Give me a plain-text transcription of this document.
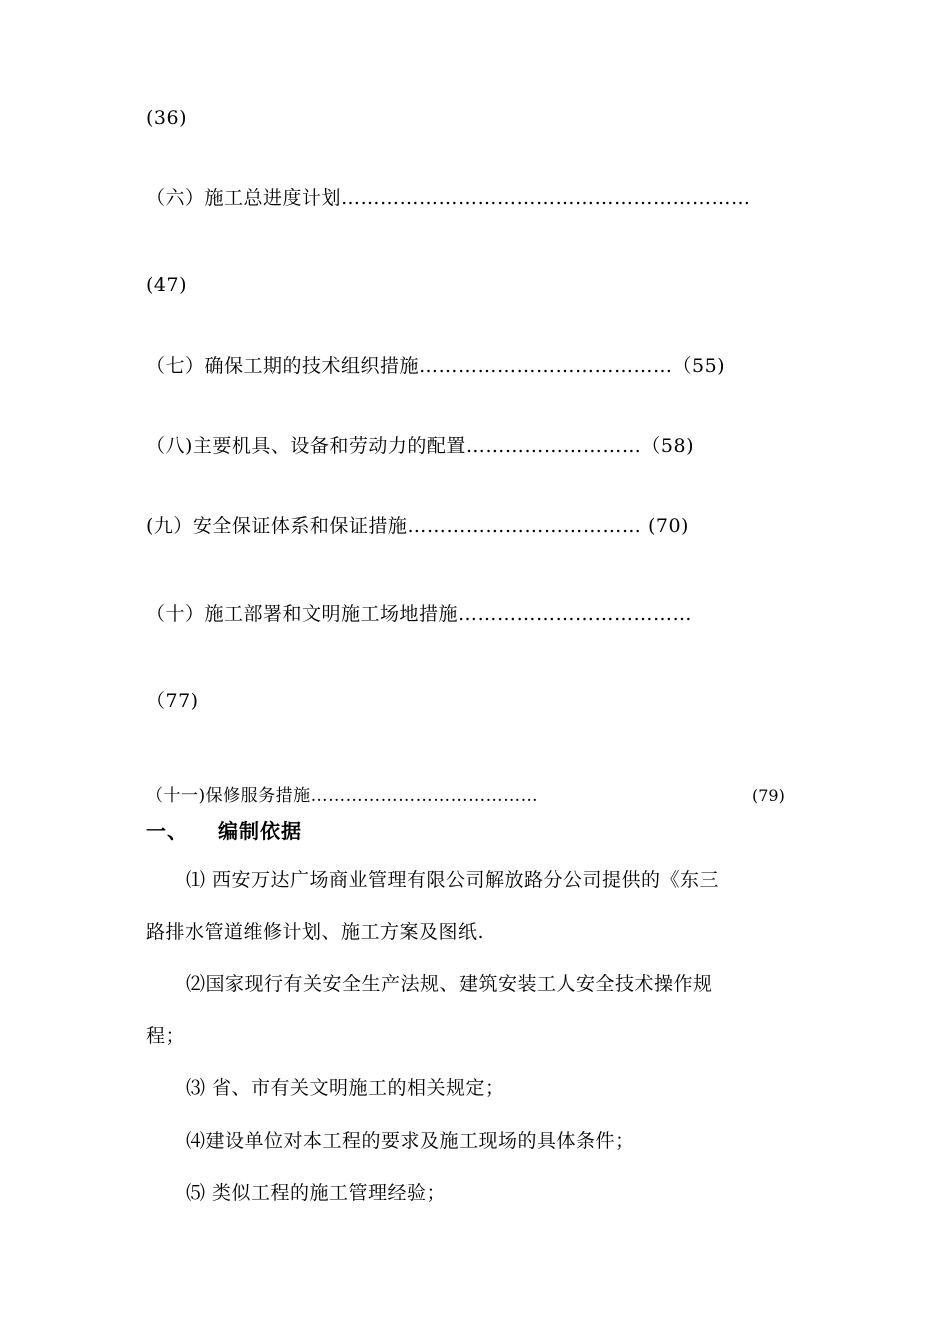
(36)
（六）施工总进度计划………………………………………………………
(47)
（七）确保工期的技术组织措施…………………………………（55)
（八)主要机具、设备和劳动力的配置………………………（58)
(九）安全保证体系和保证措施……………………………… (70)
（十）施工部署和文明施工场地措施………………………………
（77)
（十一)保修服务措施…………………………………	(79)
一、 编制依据
⑴ 西安万达广场商业管理有限公司解放路分公司提供的《东三
路排水管道维修计划、施工方案及图纸.
⑵国家现行有关安全生产法规、建筑安装工人安全技术操作规
程；
⑶ 省、市有关文明施工的相关规定；
⑷建设单位对本工程的要求及施工现场的具体条件；
⑸ 类似工程的施工管理经验；
